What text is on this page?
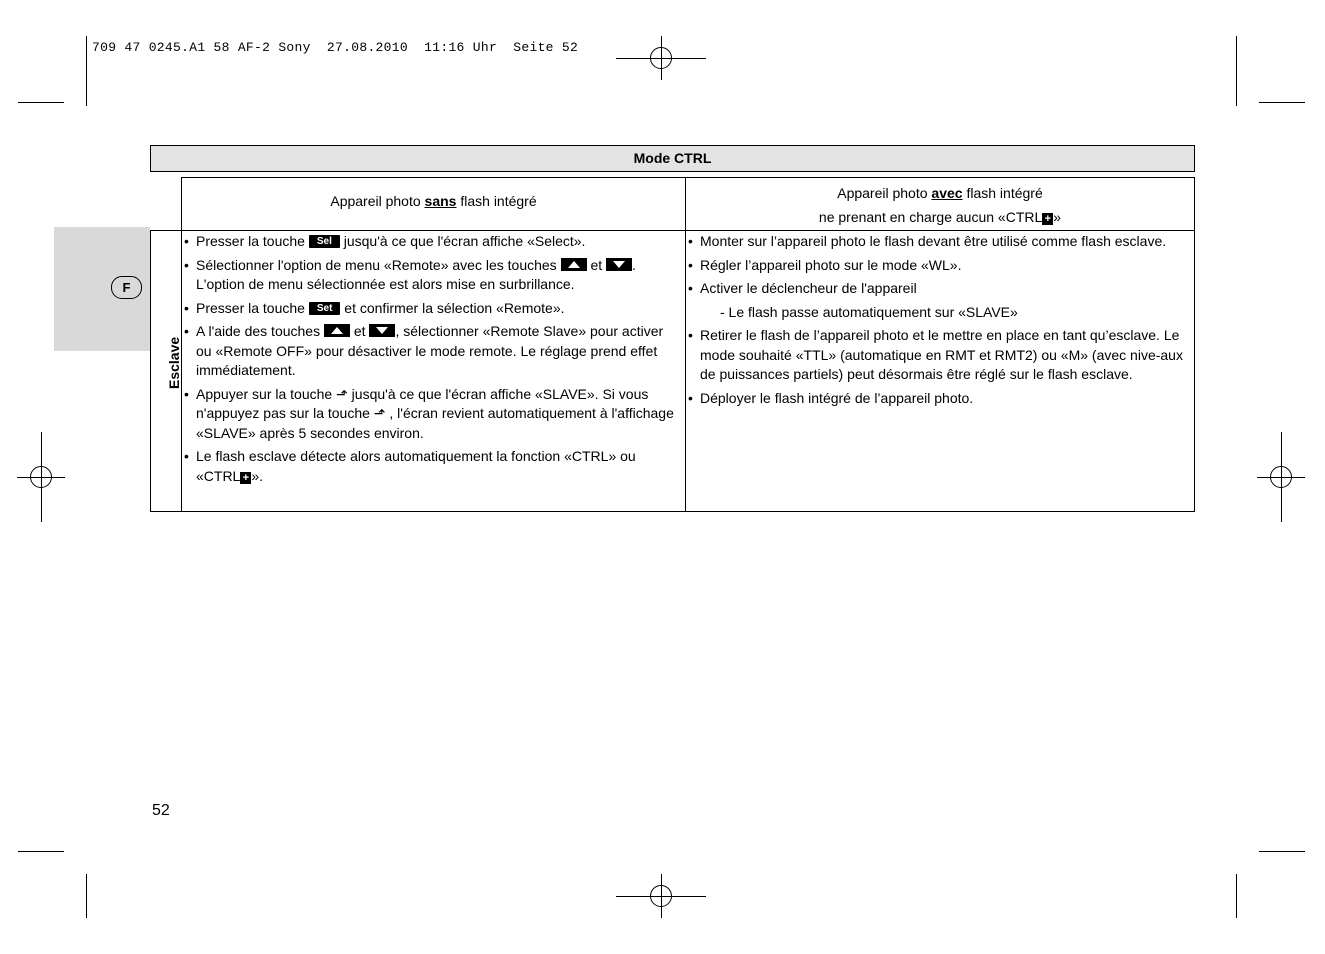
709 47 0245.A1 58 AF-2 Sony  27.08.2010  11:16 Uhr  Seite 52
F
Mode CTRL
Appareil photo sans flash intégré	Appareil photo avec flash intégré
ne prenant en charge aucun «CTRL + »
Esclave
• Presser la touche Sel jusqu'à ce que l'écran affiche «Select».
• Sélectionner l'option de menu «Remote» avec les touches  et .
L'option de menu sélectionnée est alors mise en surbrillance.
• Presser la touche Set et confirmer la sélection «Remote».
• A l'aide des touches  et , sélectionner «Remote Slave» pour activer ou «Remote OFF» pour désactiver le mode remote. Le réglage prend effet immédiatement.
• Appuyer sur la touche ⬏ jusqu'à ce que l'écran affiche «SLAVE». Si vous n'appuyez pas sur la touche ⬏ , l'écran revient automatiquement à l'affichage «SLAVE» après 5 secondes environ.
• Le flash esclave détecte alors automatiquement la fonction «CTRL» ou «CTRL + ».
• Monter sur l’appareil photo le flash devant être utilisé comme flash esclave.
• Régler l’appareil photo sur le mode «WL».
• Activer le déclencheur de l'appareil
- Le flash passe automatiquement sur «SLAVE»
• Retirer le flash de l’appareil photo et le mettre en place en tant qu’esclave. Le mode souhaité «TTL» (automatique en RMT et RMT2) ou «M» (avec nive-aux de puissances partiels) peut désormais être réglé sur le flash esclave.
• Déployer le flash intégré de l’appareil photo.
52
